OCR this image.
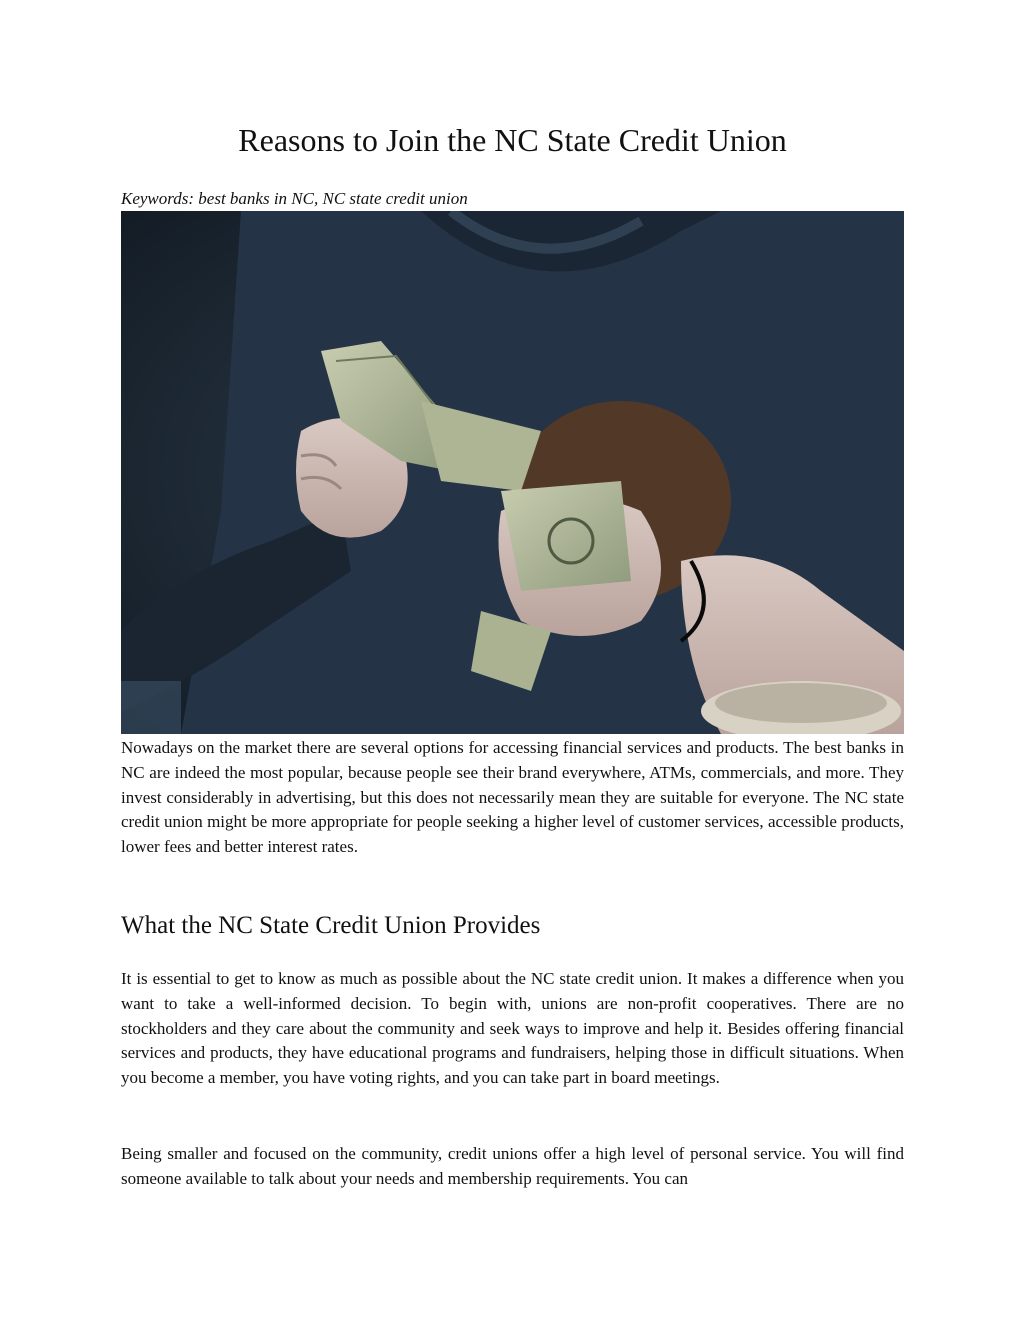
Reasons to Join the NC State Credit Union

Keywords: best banks in NC, NC state credit union

Nowadays on the market there are several options for accessing financial services and products. The best banks in NC are indeed the most popular, because people see their brand everywhere, ATMs, commercials, and more. They invest considerably in advertising, but this does not necessarily mean they are suitable for everyone. The NC state credit union might be more appropriate for people seeking a higher level of customer services, accessible products, lower fees and better interest rates.

What the NC State Credit Union Provides

It is essential to get to know as much as possible about the NC state credit union. It makes a difference when you want to take a well-informed decision. To begin with, unions are non-profit cooperatives. There are no stockholders and they care about the community and seek ways to improve and help it. Besides offering financial services and products, they have educational programs and fundraisers, helping those in difficult situations. When you become a member, you have voting rights, and you can take part in board meetings.

Being smaller and focused on the community, credit unions offer a high level of personal service. You will find someone available to talk about your needs and membership requirements. You can
